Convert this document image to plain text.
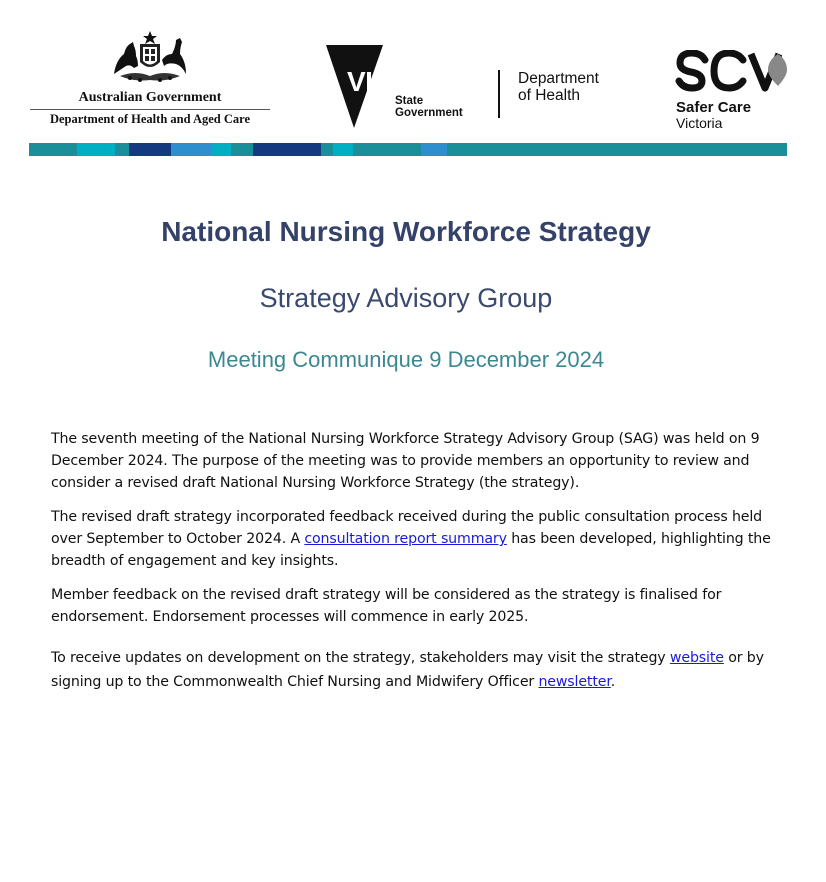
Australian Government
Department of Health and Aged Care
VICTORIA
State
Government
Department
of Health
Safer Care
Victoria
National Nursing Workforce Strategy
Strategy Advisory Group
Meeting Communique 9 December 2024

The seventh meeting of the National Nursing Workforce Strategy Advisory Group (SAG) was held on 9 December 2024. The purpose of the meeting was to provide members an opportunity to review and consider a revised draft National Nursing Workforce Strategy (the strategy).

The revised draft strategy incorporated feedback received during the public consultation process held over September to October 2024. A consultation report summary has been developed, highlighting the breadth of engagement and key insights.

Member feedback on the revised draft strategy will be considered as the strategy is finalised for endorsement. Endorsement processes will commence in early 2025.

To receive updates on development on the strategy, stakeholders may visit the strategy website or by signing up to the Commonwealth Chief Nursing and Midwifery Officer newsletter.
